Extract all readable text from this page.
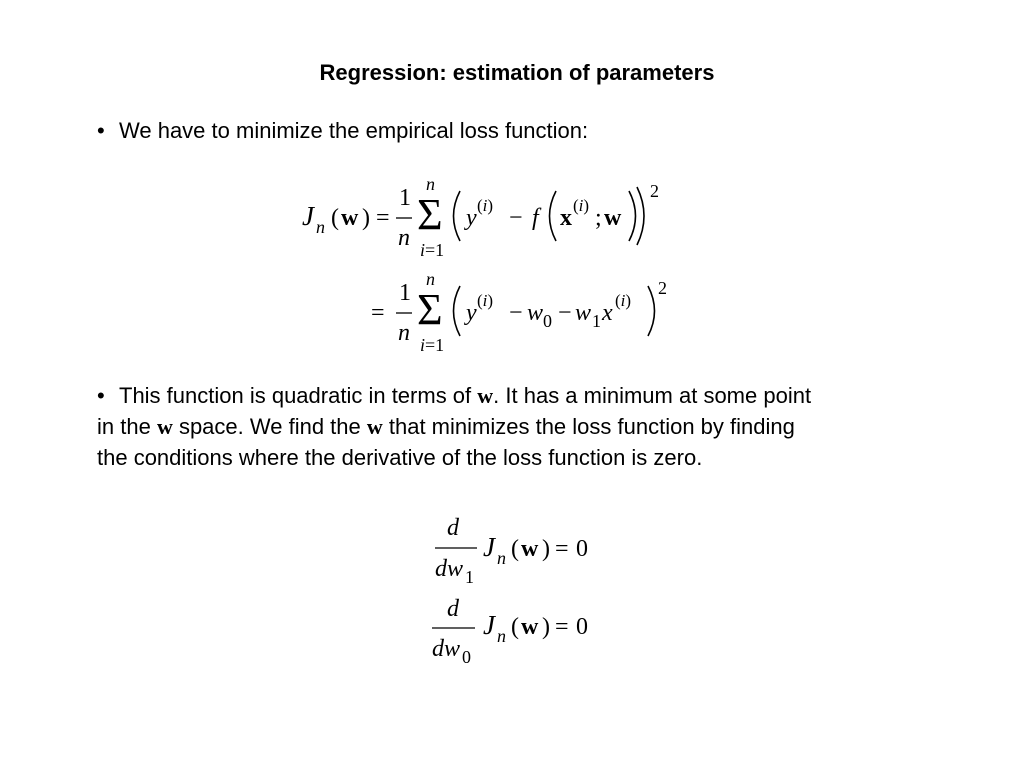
Regression: estimation of parameters
• We have to minimize the empirical loss function:
J n ( w ) =
1
n
n
Σ
i=1
y (i) − f x (i) ; w
2
=
1
n
n
Σ
i=1
y (i) − w 0 − w 1 x (i)
2
• This function is quadratic in terms of w. It has a minimum at some point
in the w space. We find the w that minimizes the loss function by finding
the conditions where the derivative of the loss function is zero.
d
dw 1
J n ( w ) = 0
d
dw 0
J n ( w ) = 0
